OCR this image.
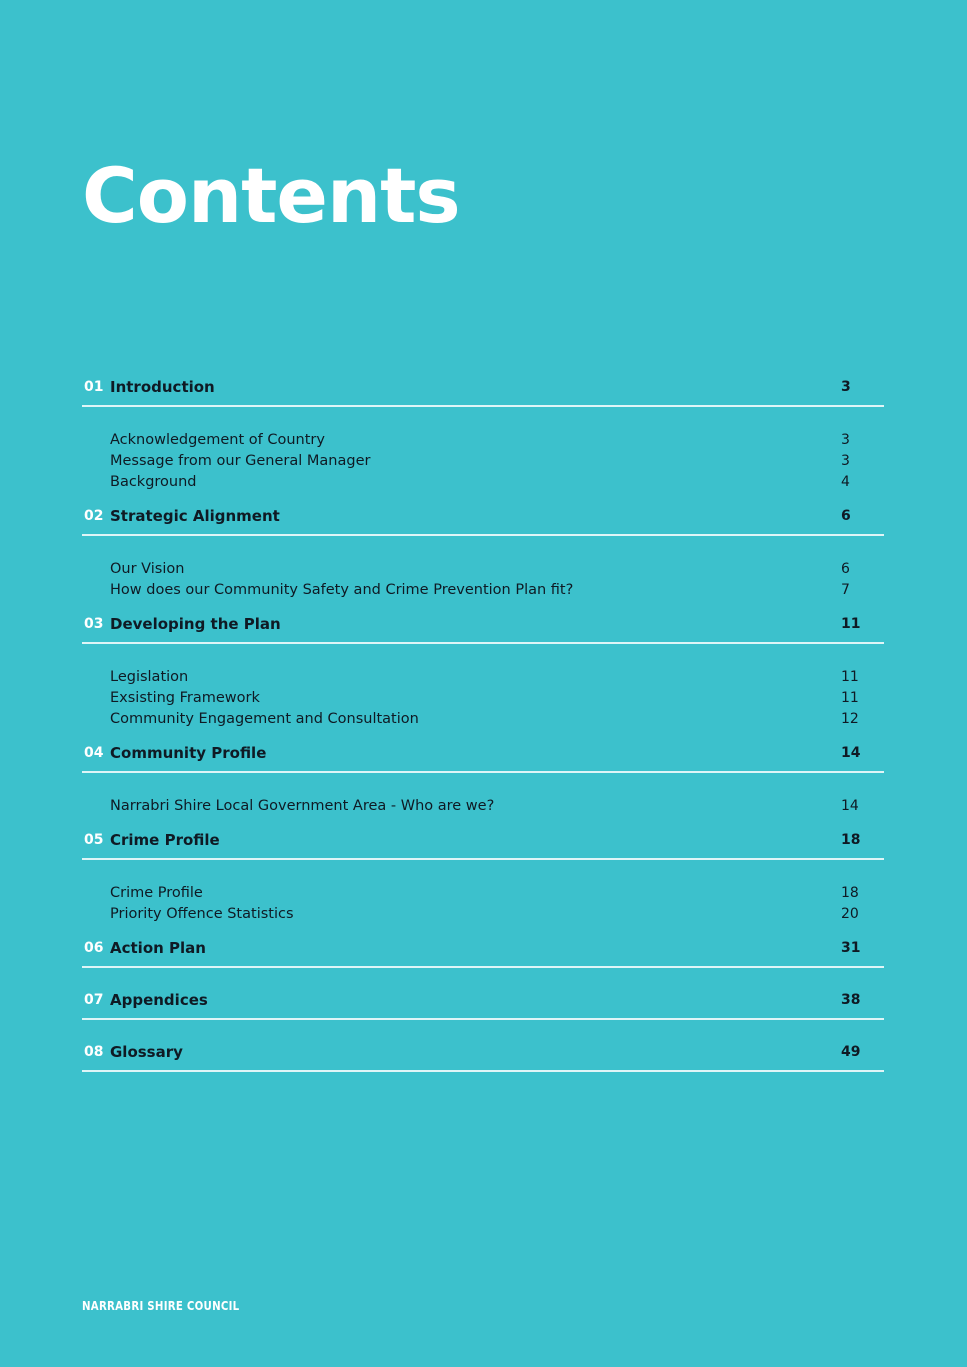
Contents
01 Introduction	3
Acknowledgement of Country	3
Message from our General Manager	3
Background	4
02 Strategic Alignment	6
Our Vision	6
How does our Community Safety and Crime Prevention Plan fit?	7
03 Developing the Plan	11
Legislation	11
Exsisting Framework	11
Community Engagement and Consultation	12
04 Community Profile	14
Narrabri Shire Local Government Area - Who are we?	14
05 Crime Profile	18
Crime Profile	18
Priority Offence Statistics	20
06 Action Plan	31
07 Appendices	38
08 Glossary	49
NARRABRI SHIRE COUNCIL
